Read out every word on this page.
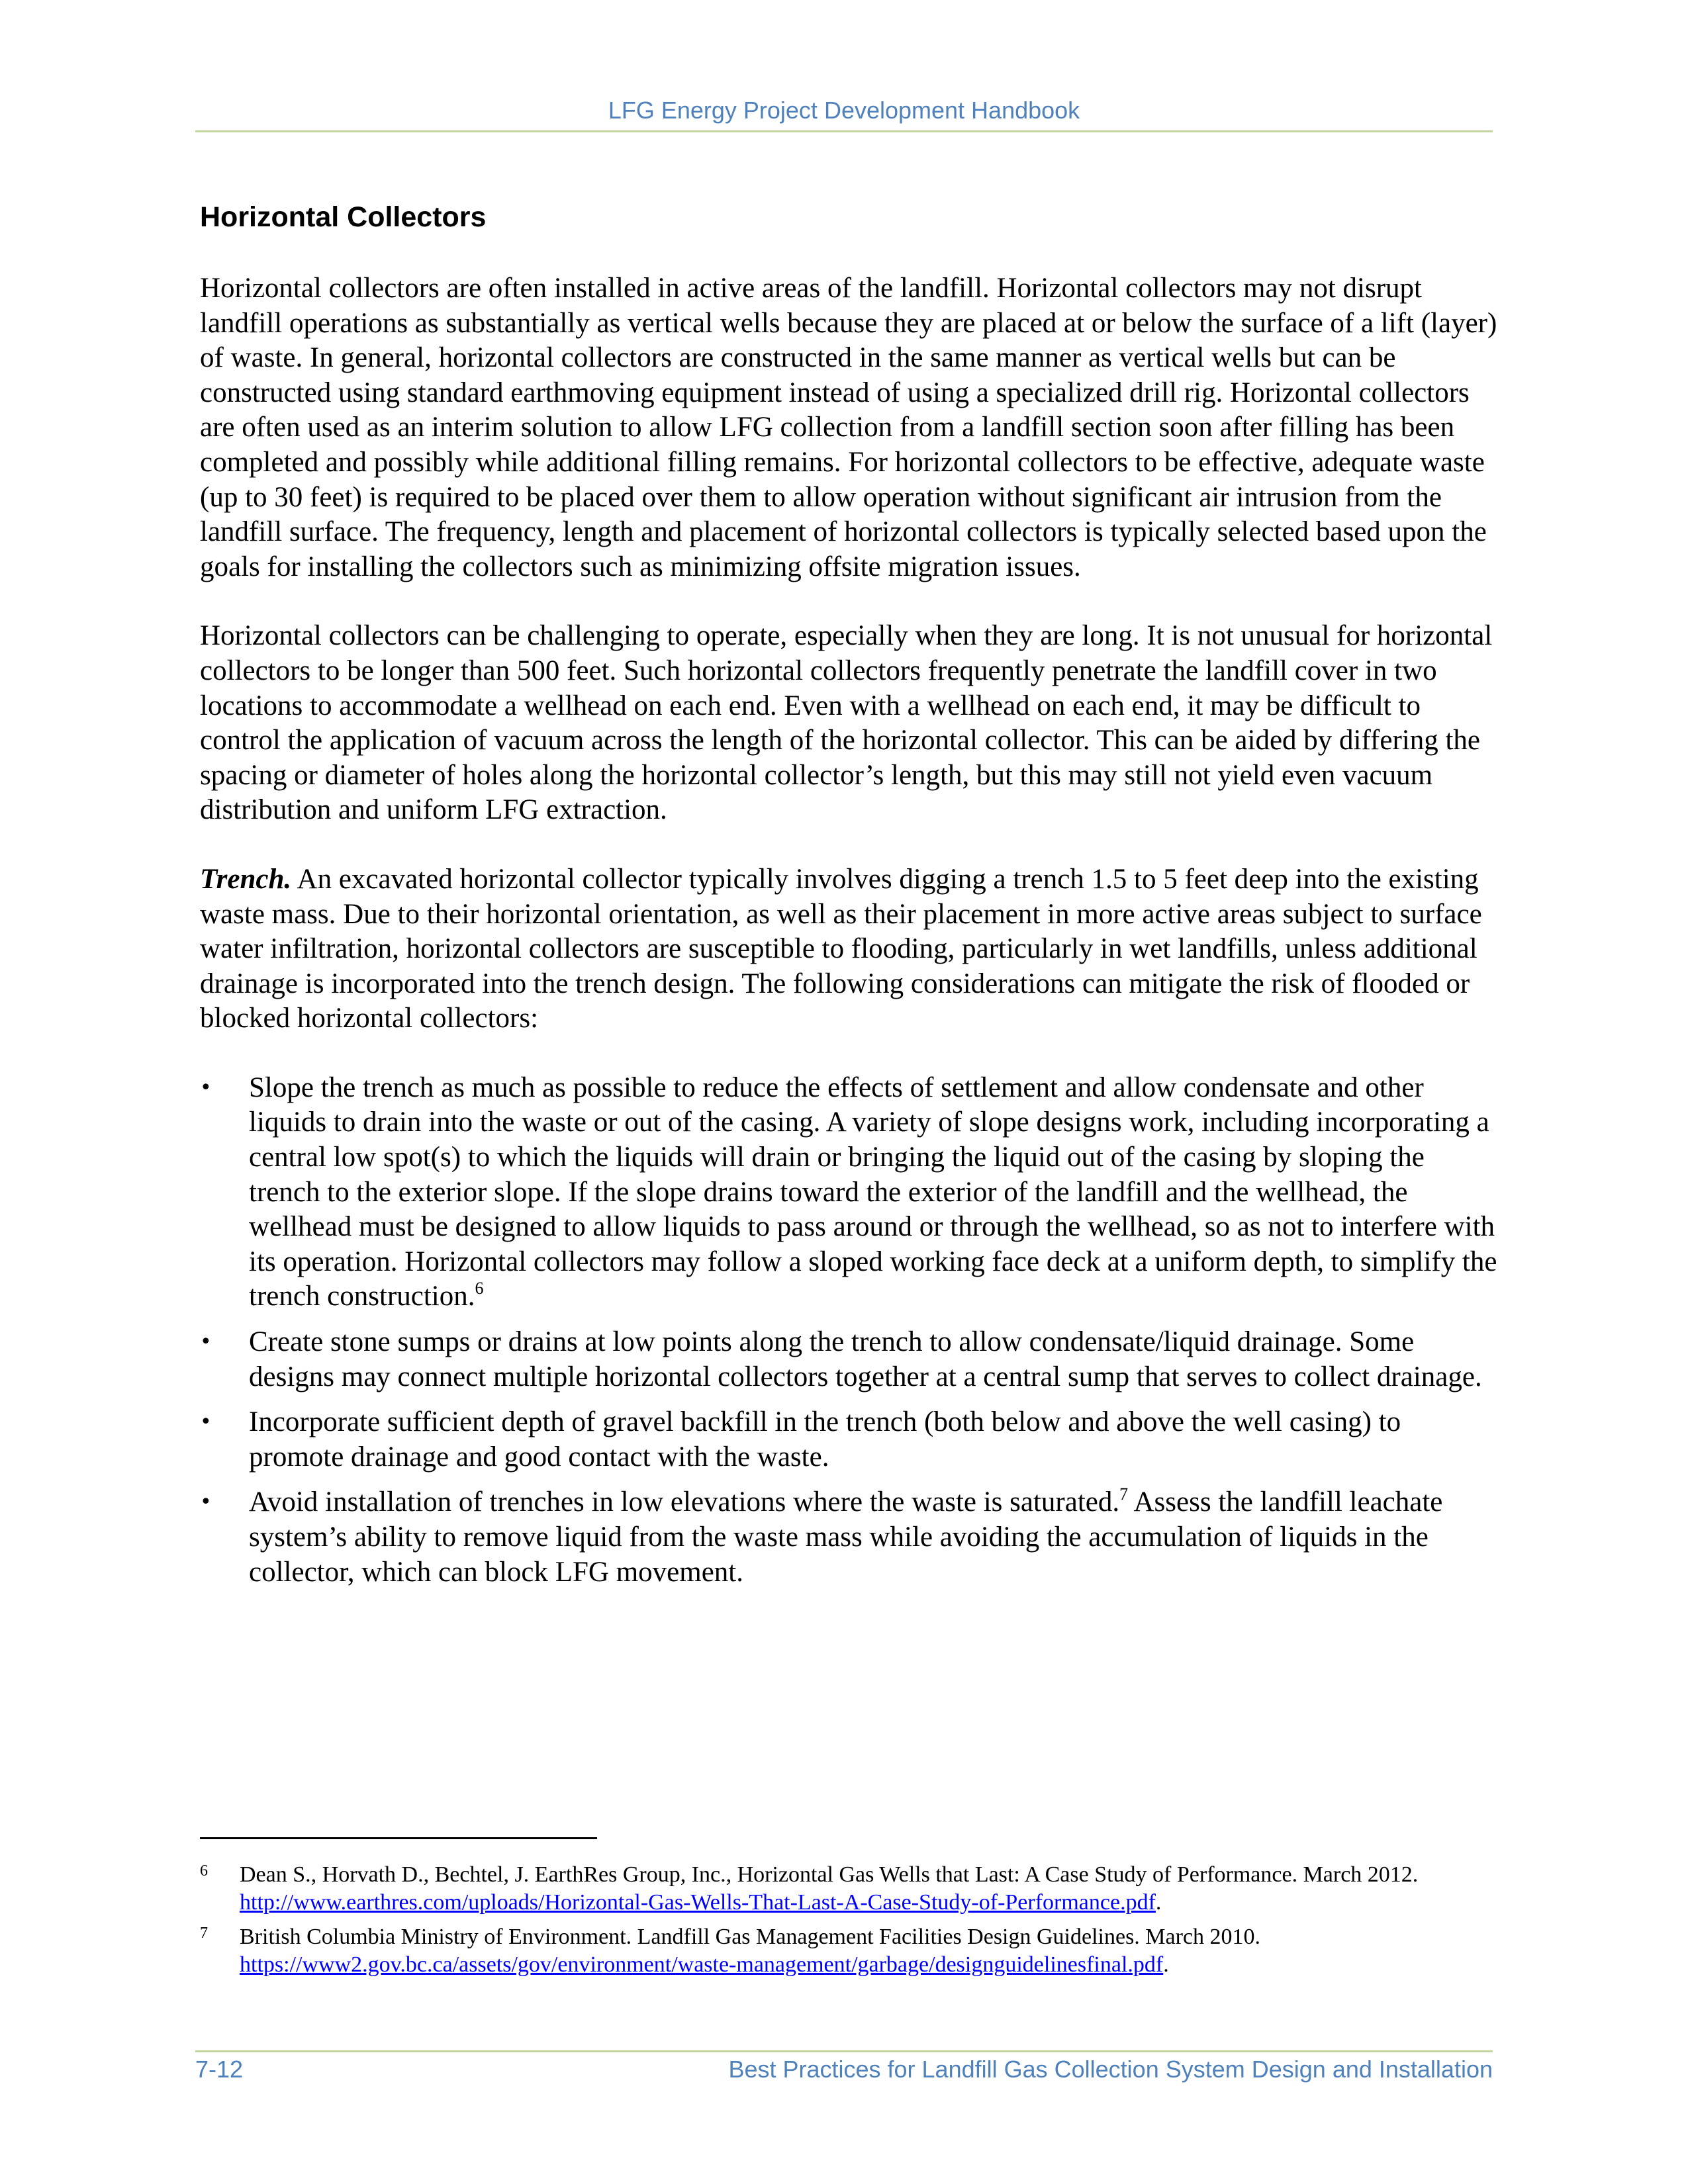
LFG Energy Project Development Handbook
Horizontal Collectors

Horizontal collectors are often installed in active areas of the landfill. Horizontal collectors may not disrupt landfill operations as substantially as vertical wells because they are placed at or below the surface of a lift (layer) of waste. In general, horizontal collectors are constructed in the same manner as vertical wells but can be constructed using standard earthmoving equipment instead of using a specialized drill rig. Horizontal collectors are often used as an interim solution to allow LFG collection from a landfill section soon after filling has been completed and possibly while additional filling remains. For horizontal collectors to be effective, adequate waste (up to 30 feet) is required to be placed over them to allow operation without significant air intrusion from the landfill surface. The frequency, length and placement of horizontal collectors is typically selected based upon the goals for installing the collectors such as minimizing offsite migration issues.

Horizontal collectors can be challenging to operate, especially when they are long. It is not unusual for horizontal collectors to be longer than 500 feet. Such horizontal collectors frequently penetrate the landfill cover in two locations to accommodate a wellhead on each end. Even with a wellhead on each end, it may be difficult to control the application of vacuum across the length of the horizontal collector. This can be aided by differing the spacing or diameter of holes along the horizontal collector’s length, but this may still not yield even vacuum distribution and uniform LFG extraction.

Trench. An excavated horizontal collector typically involves digging a trench 1.5 to 5 feet deep into the existing waste mass. Due to their horizontal orientation, as well as their placement in more active areas subject to surface water infiltration, horizontal collectors are susceptible to flooding, particularly in wet landfills, unless additional drainage is incorporated into the trench design. The following considerations can mitigate the risk of flooded or blocked horizontal collectors:

• Slope the trench as much as possible to reduce the effects of settlement and allow condensate and other liquids to drain into the waste or out of the casing. A variety of slope designs work, including incorporating a central low spot(s) to which the liquids will drain or bringing the liquid out of the casing by sloping the trench to the exterior slope. If the slope drains toward the exterior of the landfill and the wellhead, the wellhead must be designed to allow liquids to pass around or through the wellhead, so as not to interfere with its operation. Horizontal collectors may follow a sloped working face deck at a uniform depth, to simplify the trench construction.$^6$
• Create stone sumps or drains at low points along the trench to allow condensate/liquid drainage. Some designs may connect multiple horizontal collectors together at a central sump that serves to collect drainage.
• Incorporate sufficient depth of gravel backfill in the trench (both below and above the well casing) to promote drainage and good contact with the waste.
• Avoid installation of trenches in low elevations where the waste is saturated.$^7$ Assess the landfill leachate system’s ability to remove liquid from the waste mass while avoiding the accumulation of liquids in the collector, which can block LFG movement.
6 Dean S., Horvath D., Bechtel, J. EarthRes Group, Inc., Horizontal Gas Wells that Last: A Case Study of Performance. March 2012. http://www.earthres.com/uploads/Horizontal-Gas-Wells-That-Last-A-Case-Study-of-Performance.pdf.
7 British Columbia Ministry of Environment. Landfill Gas Management Facilities Design Guidelines. March 2010. https://www2.gov.bc.ca/assets/gov/environment/waste-management/garbage/designguidelinesfinal.pdf.
7-12	Best Practices for Landfill Gas Collection System Design and Installation
